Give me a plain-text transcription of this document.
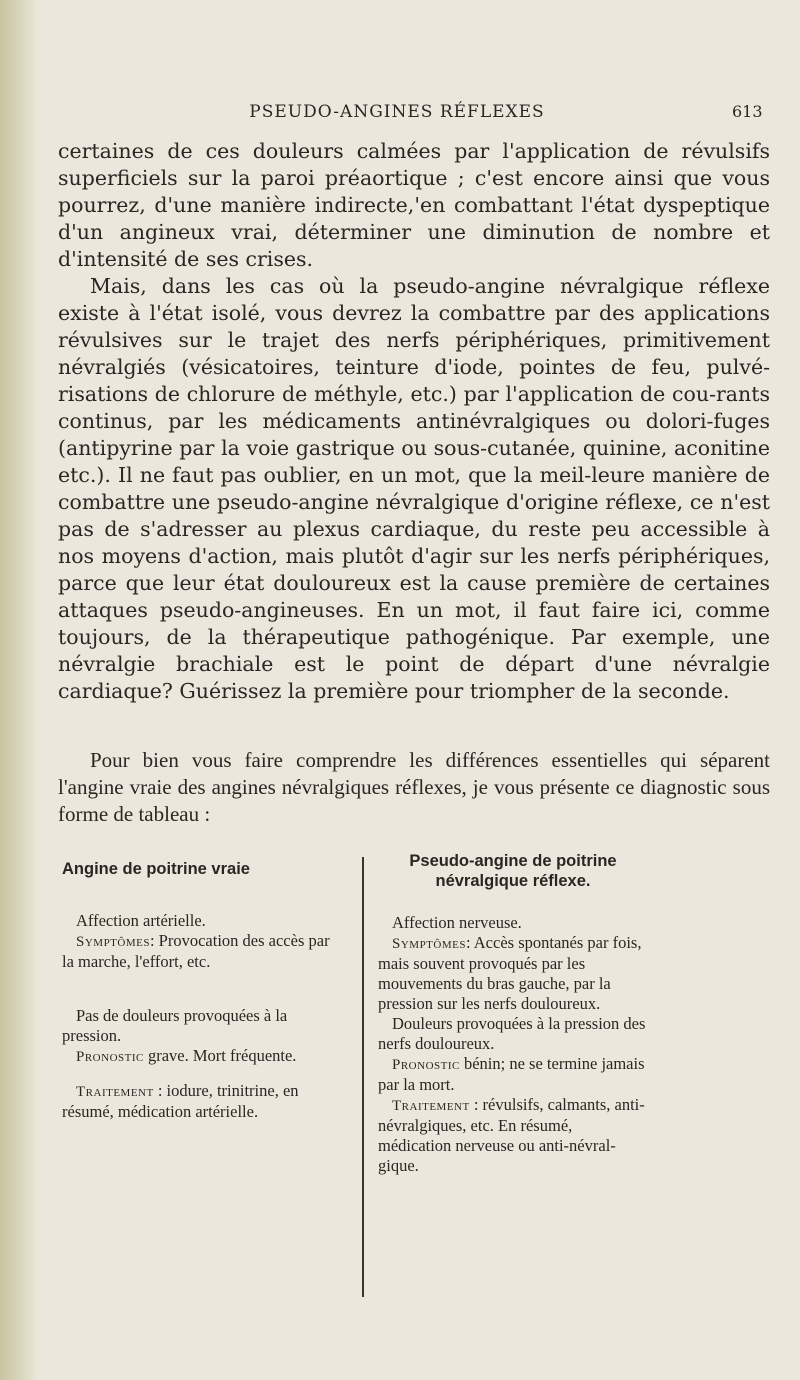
PSEUDO-ANGINES RÉFLEXES	613

certaines de ces douleurs calmées par l'application de révulsifs superficiels sur la paroi préaortique ; c'est encore ainsi que vous pourrez, d'une manière indirecte,'en combattant l'état dyspeptique d'un angineux vrai, déterminer une diminution de nombre et d'intensité de ses crises.

Mais, dans les cas où la pseudo-angine névralgique réflexe existe à l'état isolé, vous devrez la combattre par des applications révulsives sur le trajet des nerfs périphériques, primitivement névralgiés (vésicatoires, teinture d'iode, pointes de feu, pulvé-risations de chlorure de méthyle, etc.) par l'application de cou-rants continus, par les médicaments antinévralgiques ou dolori-fuges (antipyrine par la voie gastrique ou sous-cutanée, quinine, aconitine etc.). Il ne faut pas oublier, en un mot, que la meil-leure manière de combattre une pseudo-angine névralgique d'origine réflexe, ce n'est pas de s'adresser au plexus cardiaque, du reste peu accessible à nos moyens d'action, mais plutôt d'agir sur les nerfs périphériques, parce que leur état douloureux est la cause première de certaines attaques pseudo-angineuses. En un mot, il faut faire ici, comme toujours, de la thérapeutique pathogénique. Par exemple, une névralgie brachiale est le point de départ d'une névralgie cardiaque? Guérissez la première pour triompher de la seconde.

Pour bien vous faire comprendre les différences essentielles qui séparent l'angine vraie des angines névralgiques réflexes, je vous présente ce diagnostic sous forme de tableau :

Angine de poitrine vraie

Affection artérielle.

Symptômes: Provocation des accès par la marche, l'effort, etc.

Pas de douleurs provoquées à la pression.

Pronostic grave. Mort fréquente.

Traitement : iodure, trinitrine, en résumé, médication artérielle.

Pseudo-angine de poitrine névralgique réflexe.

Affection nerveuse.

Symptômes: Accès spontanés par fois, mais souvent provoqués par les mouvements du bras gauche, par la pression sur les nerfs douloureux.

Douleurs provoquées à la pression des nerfs douloureux.

Pronostic bénin; ne se termine jamais par la mort.

Traitement : révulsifs, calmants, anti-névralgiques, etc. En résumé, médication nerveuse ou anti-névral-gique.
